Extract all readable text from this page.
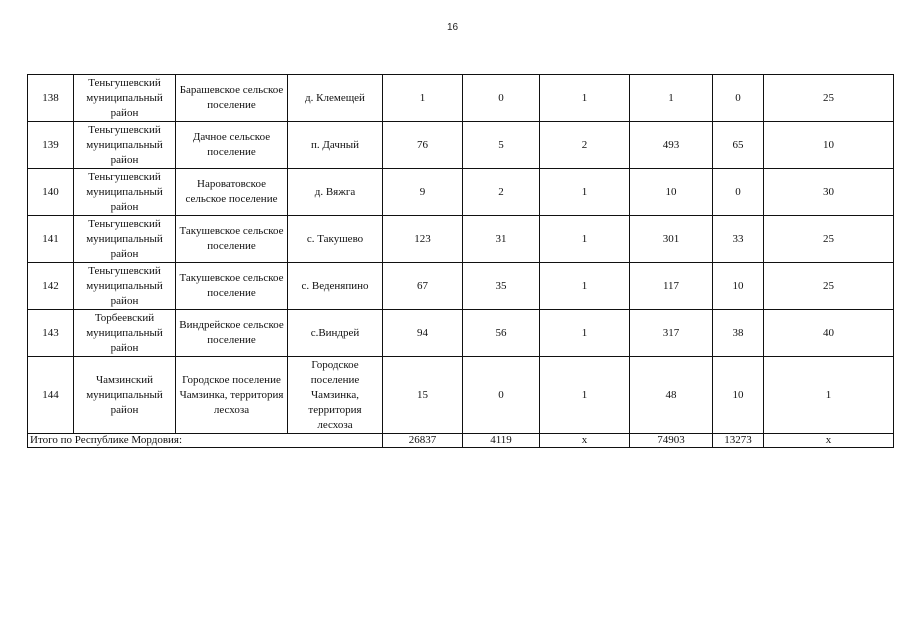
16
138	Теньгушевский муниципальный район	Барашевское сельское поселение	д. Клемещей	1	0	1	1	0	25
139	Теньгушевский муниципальный район	Дачное сельское поселение	п. Дачный	76	5	2	493	65	10
140	Теньгушевский муниципальный район	Нароватовское сельское поселение	д. Вяжга	9	2	1	10	0	30
141	Теньгушевский муниципальный район	Такушевское сельское поселение	с. Такушево	123	31	1	301	33	25
142	Теньгушевский муниципальный район	Такушевское сельское поселение	с. Веденяпино	67	35	1	117	10	25
143	Торбеевский муниципальный район	Виндрейское сельское поселение	с.Виндрей	94	56	1	317	38	40
144	Чамзинский муниципальный район	Городское поселение Чамзинка, территория лесхоза	Городское поселение Чамзинка, территория лесхоза	15	0	1	48	10	1
Итого по Республике Мордовия:				26837	4119	x	74903	13273	x
